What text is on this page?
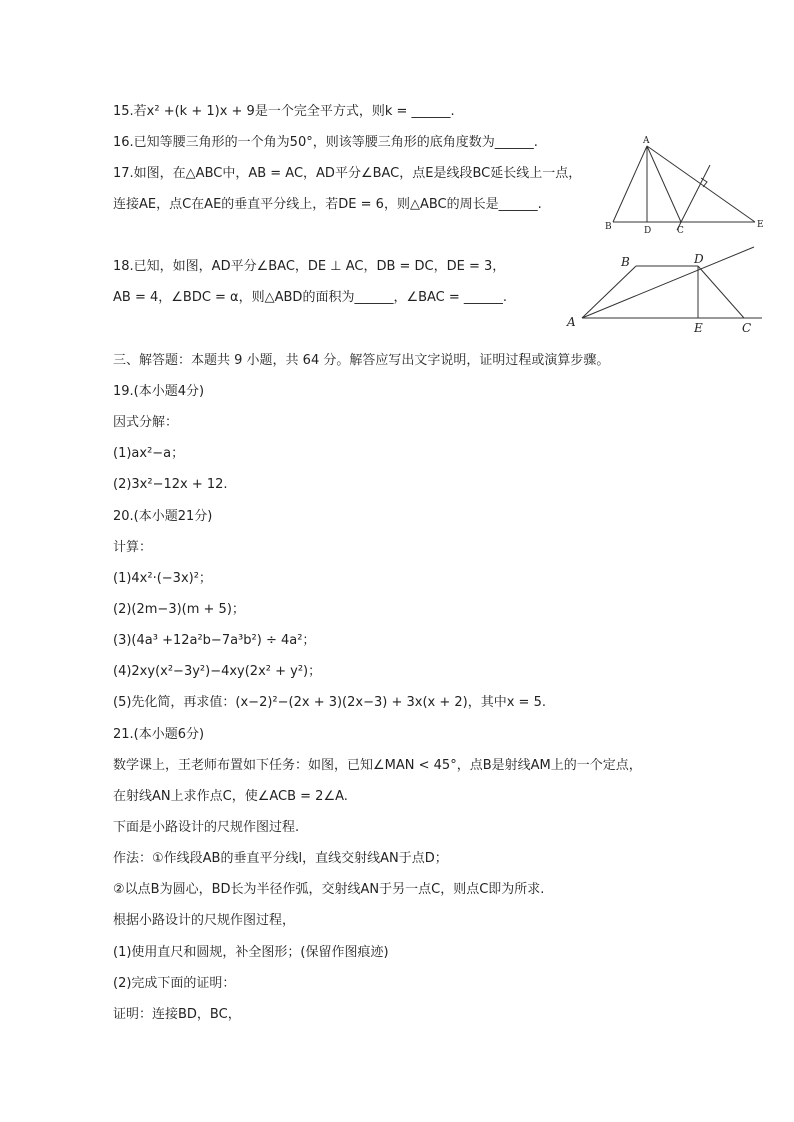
15.若x² +(k + 1)x + 9是一个完全平方式，则k = ______.
16.已知等腰三角形的一个角为50°，则该等腰三角形的底角度数为______.
17.如图，在△ABC中，AB = AC，AD平分∠BAC，点E是线段BC延长线上一点，
连接AE，点C在AE的垂直平分线上，若DE = 6，则△ABC的周长是______.
18.已知，如图，AD平分∠BAC，DE ⊥ AC，DB = DC，DE = 3，
AB = 4，∠BDC = α，则△ABD的面积为______，∠BAC = ______.
三、解答题：本题共 9 小题，共 64 分。解答应写出文字说明，证明过程或演算步骤。
19.(本小题4分)
因式分解：
(1)ax²−a；
(2)3x²−12x + 12.
20.(本小题21分)
计算：
(1)4x²·(−3x)²；
(2)(2m−3)(m + 5)；
(3)(4a³ +12a²b−7a³b²) ÷ 4a²；
(4)2xy(x²−3y²)−4xy(2x² + y²)；
(5)先化简，再求值：(x−2)²−(2x + 3)(2x−3) + 3x(x + 2)，其中x = 5.
21.(本小题6分)
数学课上，王老师布置如下任务：如图，已知∠MAN < 45°，点B是射线AM上的一个定点，
在射线AN上求作点C，使∠ACB = 2∠A.
下面是小路设计的尺规作图过程.
作法：①作线段AB的垂直平分线l，直线交射线AN于点D；
②以点B为圆心，BD长为半径作弧，交射线AN于另一点C，则点C即为所求.
根据小路设计的尺规作图过程，
(1)使用直尺和圆规，补全图形；(保留作图痕迹)
(2)完成下面的证明：
证明：连接BD，BC，
A
B	D	C
E
A
B	D
E	C
